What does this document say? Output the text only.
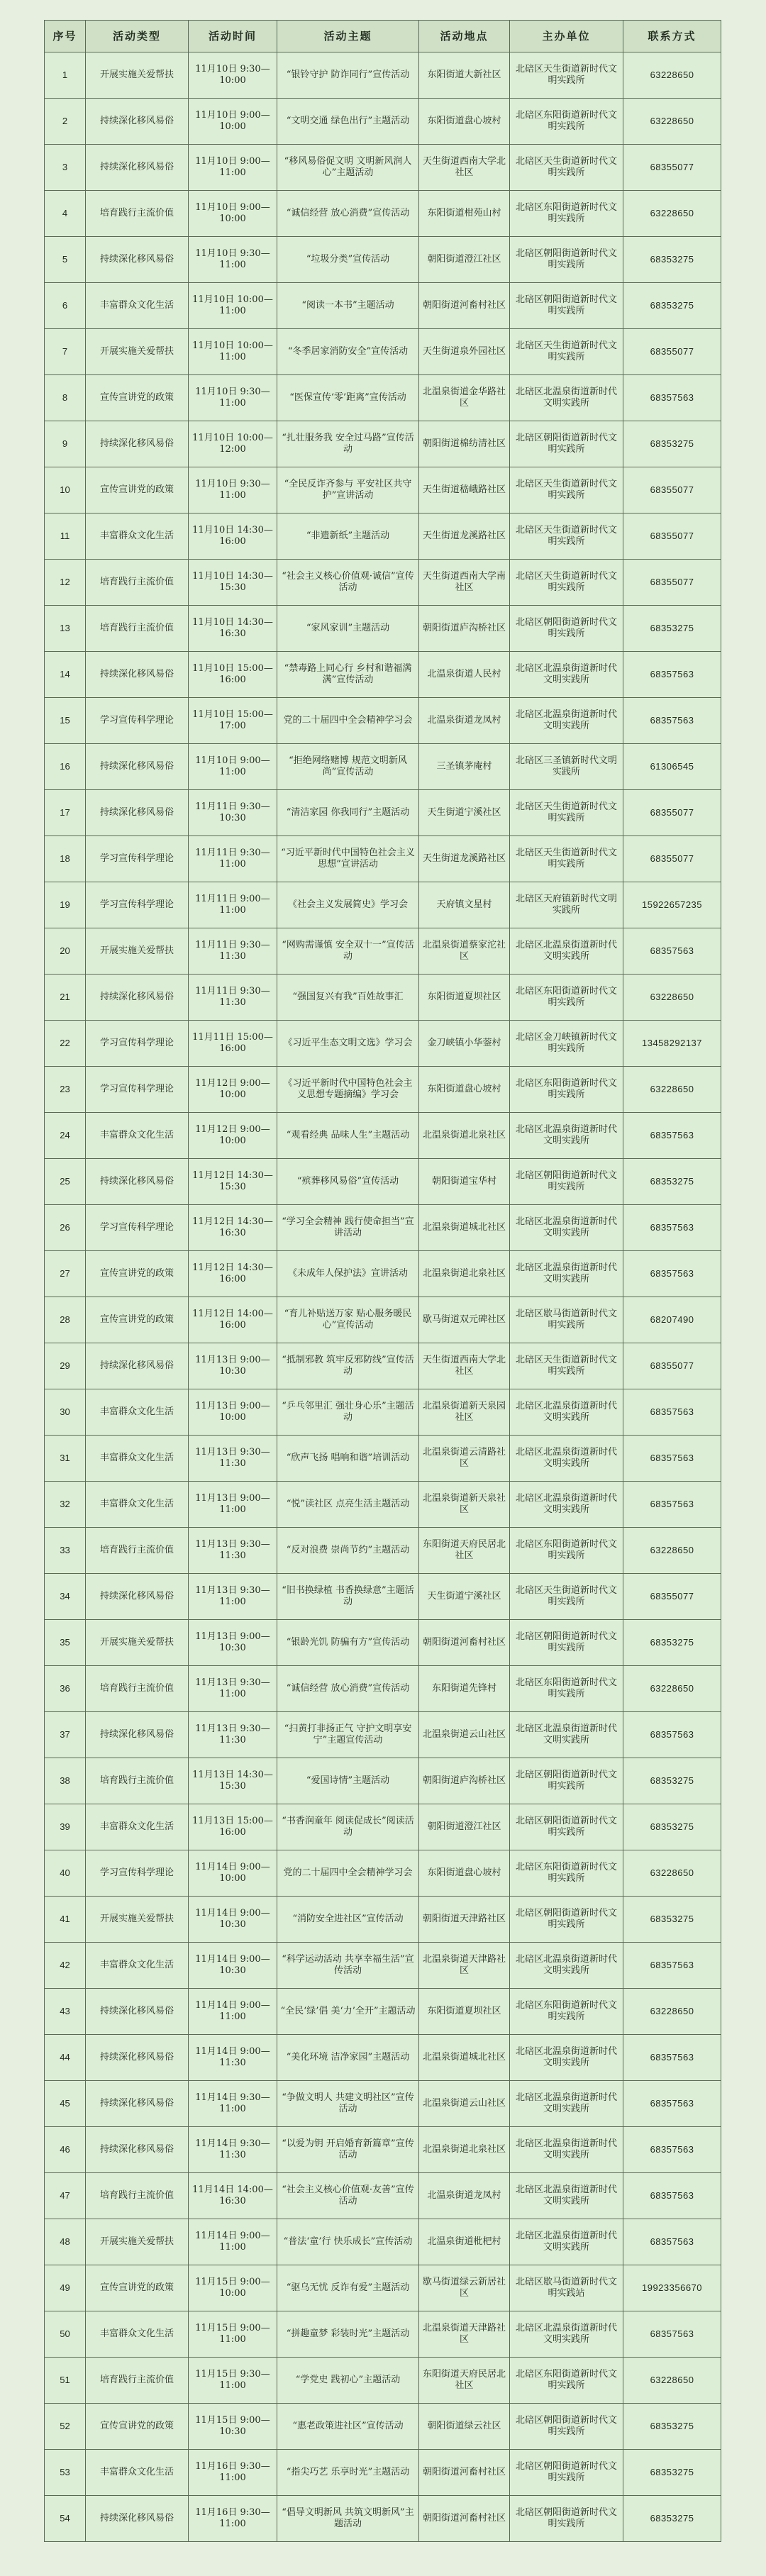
序号	活动类型	活动时间	活动主题	活动地点	主办单位	联系方式
1	开展实施关爱帮扶	11月10日 9:30—10:00	“银铃守护 防诈同行”宣传活动	东阳街道大新社区	北碚区天生街道新时代文明实践所	63228650
2	持续深化移风易俗	11月10日 9:00—10:00	“文明交通 绿色出行”主题活动	东阳街道盘心坡村	北碚区东阳街道新时代文明实践所	63228650
3	持续深化移风易俗	11月10日 9:00—11:00	“移风易俗促文明 文明新风润人心”主题活动	天生街道西南大学北社区	北碚区天生街道新时代文明实践所	68355077
4	培育践行主流价值	11月10日 9:00—10:00	“诚信经营 放心消费”宣传活动	东阳街道柑苑山村	北碚区东阳街道新时代文明实践所	63228650
5	持续深化移风易俗	11月10日 9:30—11:00	“垃圾分类”宣传活动	朝阳街道澄江社区	北碚区朝阳街道新时代文明实践所	68353275
6	丰富群众文化生活	11月10日 10:00—11:00	“阅读一本书”主题活动	朝阳街道河畜村社区	北碚区朝阳街道新时代文明实践所	68353275
7	开展实施关爱帮扶	11月10日 10:00—11:00	“冬季居家消防安全”宣传活动	天生街道泉外园社区	北碚区天生街道新时代文明实践所	68355077
8	宣传宣讲党的政策	11月10日 9:30—11:00	“医保宣传‘零’距离”宣传活动	北温泉街道金华路社区	北碚区北温泉街道新时代文明实践所	68357563
9	持续深化移风易俗	11月10日 10:00—12:00	“扎壮服务我 安全过马路”宣传活动	朝阳街道棉纺清社区	北碚区朝阳街道新时代文明实践所	68353275
10	宣传宣讲党的政策	11月10日 9:30—11:00	“全民反诈齐参与 平安社区共守护”宣讲活动	天生街道嵇峨路社区	北碚区天生街道新时代文明实践所	68355077
11	丰富群众文化生活	11月10日 14:30—16:00	“非遗新纸”主题活动	天生街道龙溪路社区	北碚区天生街道新时代文明实践所	68355077
12	培育践行主流价值	11月10日 14:30—15:30	“社会主义核心价值观·诚信”宣传活动	天生街道西南大学南社区	北碚区天生街道新时代文明实践所	68355077
13	培育践行主流价值	11月10日 14:30—16:30	“家风家训”主题活动	朝阳街道庐沟桥社区	北碚区朝阳街道新时代文明实践所	68353275
14	持续深化移风易俗	11月10日 15:00—16:00	“禁毒路上同心行 乡村和谐福满满”宣传活动	北温泉街道人民村	北碚区北温泉街道新时代文明实践所	68357563
15	学习宣传科学理论	11月10日 15:00—17:00	党的二十届四中全会精神学习会	北温泉街道龙凤村	北碚区北温泉街道新时代文明实践所	68357563
16	持续深化移风易俗	11月10日 9:00—11:00	“拒绝网络赌博 规范文明新风尚”宣传活动	三圣镇茅庵村	北碚区三圣镇新时代文明实践所	61306545
17	持续深化移风易俗	11月11日 9:30—10:30	“清洁家园 你我同行”主题活动	天生街道宁溪社区	北碚区天生街道新时代文明实践所	68355077
18	学习宣传科学理论	11月11日 9:30—11:00	“习近平新时代中国特色社会主义思想”宣讲活动	天生街道龙溪路社区	北碚区天生街道新时代文明实践所	68355077
19	学习宣传科学理论	11月11日 9:00—11:00	《社会主义发展简史》学习会	天府镇文星村	北碚区天府镇新时代文明实践所	15922657235
20	开展实施关爱帮扶	11月11日 9:30—11:30	“网购需谨慎 安全双十一”宣传活动	北温泉街道蔡家沱社区	北碚区北温泉街道新时代文明实践所	68357563
21	持续深化移风易俗	11月11日 9:30—11:30	“强国复兴有我”百姓故事汇	东阳街道夏坝社区	北碚区东阳街道新时代文明实践所	63228650
22	学习宣传科学理论	11月11日 15:00—16:00	《习近平生态文明文选》学习会	金刀峡镇小华蓥村	北碚区金刀峡镇新时代文明实践所	13458292137
23	学习宣传科学理论	11月12日 9:00—10:00	《习近平新时代中国特色社会主义思想专题摘编》学习会	东阳街道盘心坡村	北碚区东阳街道新时代文明实践所	63228650
24	丰富群众文化生活	11月12日 9:00—10:00	“观看经典 品味人生”主题活动	北温泉街道北泉社区	北碚区北温泉街道新时代文明实践所	68357563
25	持续深化移风易俗	11月12日 14:30—15:30	“殡葬移风易俗”宣传活动	朝阳街道宝华村	北碚区朝阳街道新时代文明实践所	68353275
26	学习宣传科学理论	11月12日 14:30—16:30	“学习全会精神 践行使命担当”宣讲活动	北温泉街道城北社区	北碚区北温泉街道新时代文明实践所	68357563
27	宣传宣讲党的政策	11月12日 14:30—16:00	《未成年人保护法》宣讲活动	北温泉街道北泉社区	北碚区北温泉街道新时代文明实践所	68357563
28	宣传宣讲党的政策	11月12日 14:00—16:00	“育儿补贴送万家 贴心服务暖民心”宣传活动	歇马街道双元碑社区	北碚区歇马街道新时代文明实践所	68207490
29	持续深化移风易俗	11月13日 9:00—10:30	“抵制邪教 筑牢反邪防线”宣传活动	天生街道西南大学北社区	北碚区天生街道新时代文明实践所	68355077
30	丰富群众文化生活	11月13日 9:00—10:00	“乒乓邻里汇 强壮身心乐”主题活动	北温泉街道新天泉园社区	北碚区北温泉街道新时代文明实践所	68357563
31	丰富群众文化生活	11月13日 9:30—11:30	“欣声飞扬 唱响和谐”培训活动	北温泉街道云清路社区	北碚区北温泉街道新时代文明实践所	68357563
32	丰富群众文化生活	11月13日 9:00—11:00	“悦”读社区 点亮生活主题活动	北温泉街道新天泉社区	北碚区北温泉街道新时代文明实践所	68357563
33	培育践行主流价值	11月13日 9:30—11:30	“反对浪费 崇尚节约”主题活动	东阳街道天府民居北社区	北碚区东阳街道新时代文明实践所	63228650
34	持续深化移风易俗	11月13日 9:30—11:00	“旧书换绿植 书香换绿意”主题活动	天生街道宁溪社区	北碚区天生街道新时代文明实践所	68355077
35	开展实施关爱帮扶	11月13日 9:00—10:30	“银龄光饥 防骗有方”宣传活动	朝阳街道河畜村社区	北碚区朝阳街道新时代文明实践所	68353275
36	培育践行主流价值	11月13日 9:30—11:00	“诚信经营 放心消费”宣传活动	东阳街道先锋村	北碚区东阳街道新时代文明实践所	63228650
37	持续深化移风易俗	11月13日 9:30—11:30	“扫黄打非扬正气 守护文明享安宁”主题宣传活动	北温泉街道云山社区	北碚区北温泉街道新时代文明实践所	68357563
38	培育践行主流价值	11月13日 14:30—15:30	“爱国诗情”主题活动	朝阳街道庐沟桥社区	北碚区朝阳街道新时代文明实践所	68353275
39	丰富群众文化生活	11月13日 15:00—16:00	“书香润童年 阅读促成长”阅读活动	朝阳街道澄江社区	北碚区朝阳街道新时代文明实践所	68353275
40	学习宣传科学理论	11月14日 9:00—10:00	党的二十届四中全会精神学习会	东阳街道盘心坡村	北碚区东阳街道新时代文明实践所	63228650
41	开展实施关爱帮扶	11月14日 9:00—10:30	“消防安全进社区”宣传活动	朝阳街道天津路社区	北碚区朝阳街道新时代文明实践所	68353275
42	丰富群众文化生活	11月14日 9:00—10:30	“科学运动活动 共享幸福生活”宣传活动	北温泉街道天津路社区	北碚区北温泉街道新时代文明实践所	68357563
43	持续深化移风易俗	11月14日 9:00—11:00	“全民‘绿’倡 美‘力’全开”主题活动	东阳街道夏坝社区	北碚区东阳街道新时代文明实践所	63228650
44	持续深化移风易俗	11月14日 9:00—11:30	“美化环境 洁净家园”主题活动	北温泉街道城北社区	北碚区北温泉街道新时代文明实践所	68357563
45	持续深化移风易俗	11月14日 9:30—11:00	“争做文明人 共建文明社区”宣传活动	北温泉街道云山社区	北碚区北温泉街道新时代文明实践所	68357563
46	持续深化移风易俗	11月14日 9:30—11:30	“以爱为钥 开启婚育新篇章”宣传活动	北温泉街道北泉社区	北碚区北温泉街道新时代文明实践所	68357563
47	培育践行主流价值	11月14日 14:00—16:30	“社会主义核心价值观·友善”宣传活动	北温泉街道龙凤村	北碚区北温泉街道新时代文明实践所	68357563
48	开展实施关爱帮扶	11月14日 9:00—11:00	“普法‘童’行 快乐成长”宣传活动	北温泉街道枇杷村	北碚区北温泉街道新时代文明实践所	68357563
49	宣传宣讲党的政策	11月15日 9:00—10:00	“驱乌无忧 反诈有爱”主题活动	歇马街道绿云新居社区	北碚区歇马街道新时代文明实践站	19923356670
50	丰富群众文化生活	11月15日 9:00—11:00	“拼趣童梦 彩装时光”主题活动	北温泉街道天津路社区	北碚区北温泉街道新时代文明实践所	68357563
51	培育践行主流价值	11月15日 9:30—11:00	“学党史 践初心”主题活动	东阳街道天府民居北社区	北碚区东阳街道新时代文明实践所	63228650
52	宣传宣讲党的政策	11月15日 9:00—10:30	“惠老政策进社区”宣传活动	朝阳街道绿云社区	北碚区朝阳街道新时代文明实践所	68353275
53	丰富群众文化生活	11月16日 9:30—11:00	“指尖巧艺 乐享时光”主题活动	朝阳街道河畜村社区	北碚区朝阳街道新时代文明实践所	68353275
54	持续深化移风易俗	11月16日 9:30—11:00	“倡导文明新风 共筑文明新风”主题活动	朝阳街道河畜村社区	北碚区朝阳街道新时代文明实践所	68353275
